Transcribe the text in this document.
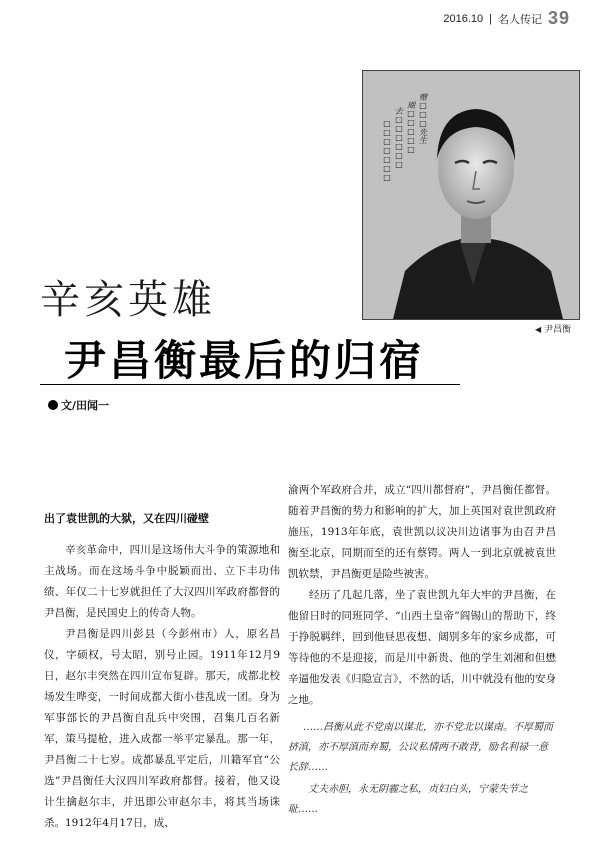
2016.10 | 名人传记 39
赠□□□先生
瑚□□□□□
去□□□□□□
□□□□□□□
◀ 尹昌衡
辛亥英雄
尹昌衡最后的归宿
文/田闻一
出了袁世凯的大狱，又在四川碰壁

辛亥革命中，四川是这场伟大斗争的策源地和主战场。而在这场斗争中脱颖而出、立下丰功伟绩、年仅二十七岁就担任了大汉四川军政府都督的尹昌衡，是民国史上的传奇人物。

尹昌衡是四川彭县（今彭州市）人，原名昌仪，字硕权，号太昭，别号止园。1911年12月9日，赵尔丰突然在四川宣布复辟。那天，成都北校场发生哗变，一时间成都大街小巷乱成一团。身为军事部长的尹昌衡自乱兵中突围，召集几百名新军，策马提枪，进入成都一举平定暴乱。那一年，尹昌衡二十七岁。成都暴乱平定后，川籍军官“公选”尹昌衡任大汉四川军政府都督。接着，他又设计生擒赵尔丰，并迅即公审赵尔丰，将其当场诛杀。1912年4月17日，成、

渝两个军政府合并，成立“四川都督府”，尹昌衡任都督。随着尹昌衡的势力和影响的扩大，加上英国对袁世凯政府施压，1913年年底，袁世凯以议决川边诸事为由召尹昌衡至北京，同期而至的还有蔡锷。两人一到北京就被袁世凯软禁，尹昌衡更是险些被害。

经历了几起几落，坐了袁世凯九年大牢的尹昌衡，在他留日时的同班同学、“山西土皇帝”阎锡山的帮助下，终于挣脱羁绊，回到他昼思夜想、阔别多年的家乡成都，可等待他的不是迎接，而是川中新贵、他的学生刘湘和但懋辛逼他发表《归隐宣言》，不然的话，川中就没有他的安身之地。

……昌衡从此不党南以谋北，亦不党北以谋南。不厚蜀而挤滇，亦不厚滇而弃蜀，公议私情两不敢背，励名利禄一意长辞……

丈夫赤胆，永无阴霾之私，贞妇白头，宁蒙失节之耻……
